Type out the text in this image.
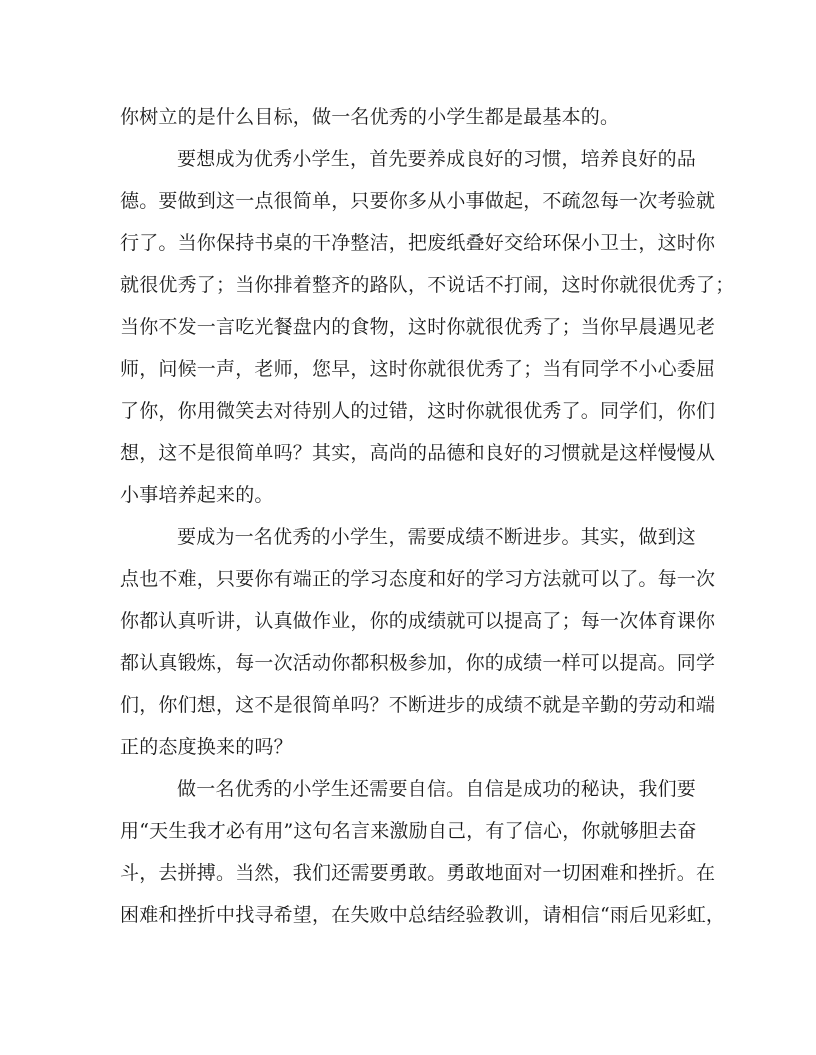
你树立的是什么目标，做一名优秀的小学生都是最基本的。
要想成为优秀小学生，首先要养成良好的习惯，培养良好的品
德。要做到这一点很简单，只要你多从小事做起，不疏忽每一次考验就
行了。当你保持书桌的干净整洁，把废纸叠好交给环保小卫士，这时你
就很优秀了；当你排着整齐的路队，不说话不打闹，这时你就很优秀了；
当你不发一言吃光餐盘内的食物，这时你就很优秀了；当你早晨遇见老
师，问候一声，老师，您早，这时你就很优秀了；当有同学不小心委屈
了你，你用微笑去对待别人的过错，这时你就很优秀了。同学们，你们
想，这不是很简单吗？其实，高尚的品德和良好的习惯就是这样慢慢从
小事培养起来的。
要成为一名优秀的小学生，需要成绩不断进步。其实，做到这
点也不难，只要你有端正的学习态度和好的学习方法就可以了。每一次
你都认真听讲，认真做作业，你的成绩就可以提高了；每一次体育课你
都认真锻炼，每一次活动你都积极参加，你的成绩一样可以提高。同学
们，你们想，这不是很简单吗？不断进步的成绩不就是辛勤的劳动和端
正的态度换来的吗？
做一名优秀的小学生还需要自信。自信是成功的秘诀，我们要
用“天生我才必有用”这句名言来激励自己，有了信心，你就够胆去奋
斗，去拼搏。当然，我们还需要勇敢。勇敢地面对一切困难和挫折。在
困难和挫折中找寻希望，在失败中总结经验教训，请相信“雨后见彩虹，
